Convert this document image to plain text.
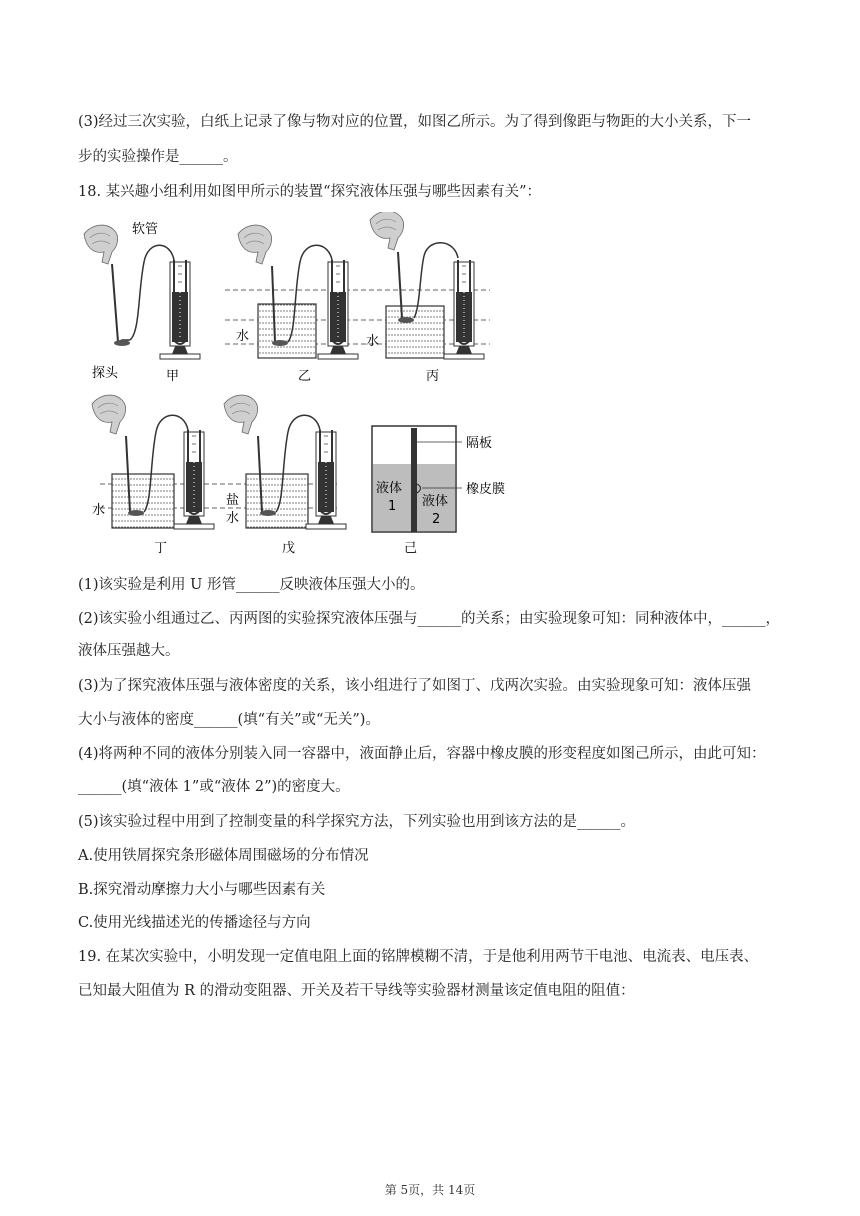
(3)经过三次实验，白纸上记录了像与物对应的位置，如图乙所示。为了得到像距与物距的大小关系，下一
步的实验操作是______。
18. 某兴趣小组利用如图甲所示的装置“探究液体压强与哪些因素有关”：
软管
探头	甲
水
乙
水
丙
水
丁
盐
水
戊
液体
1 液体
2
隔板
橡皮膜
己
(1)该实验是利用 U 形管______反映液体压强大小的。
(2)该实验小组通过乙、丙两图的实验探究液体压强与______的关系；由实验现象可知：同种液体中，______，
液体压强越大。
(3)为了探究液体压强与液体密度的关系，该小组进行了如图丁、戊两次实验。由实验现象可知：液体压强
大小与液体的密度______(填“有关”或“无关”)。
(4)将两种不同的液体分别装入同一容器中，液面静止后，容器中橡皮膜的形变程度如图己所示，由此可知：
______(填“液体 1”或“液体 2”)的密度大。
(5)该实验过程中用到了控制变量的科学探究方法，下列实验也用到该方法的是______。
A.使用铁屑探究条形磁体周围磁场的分布情况
B.探究滑动摩擦力大小与哪些因素有关
C.使用光线描述光的传播途径与方向
19. 在某次实验中，小明发现一定值电阻上面的铭牌模糊不清，于是他利用两节干电池、电流表、电压表、
已知最大阻值为 R 的滑动变阻器、开关及若干导线等实验器材测量该定值电阻的阻值：
第 5页，共 14页
